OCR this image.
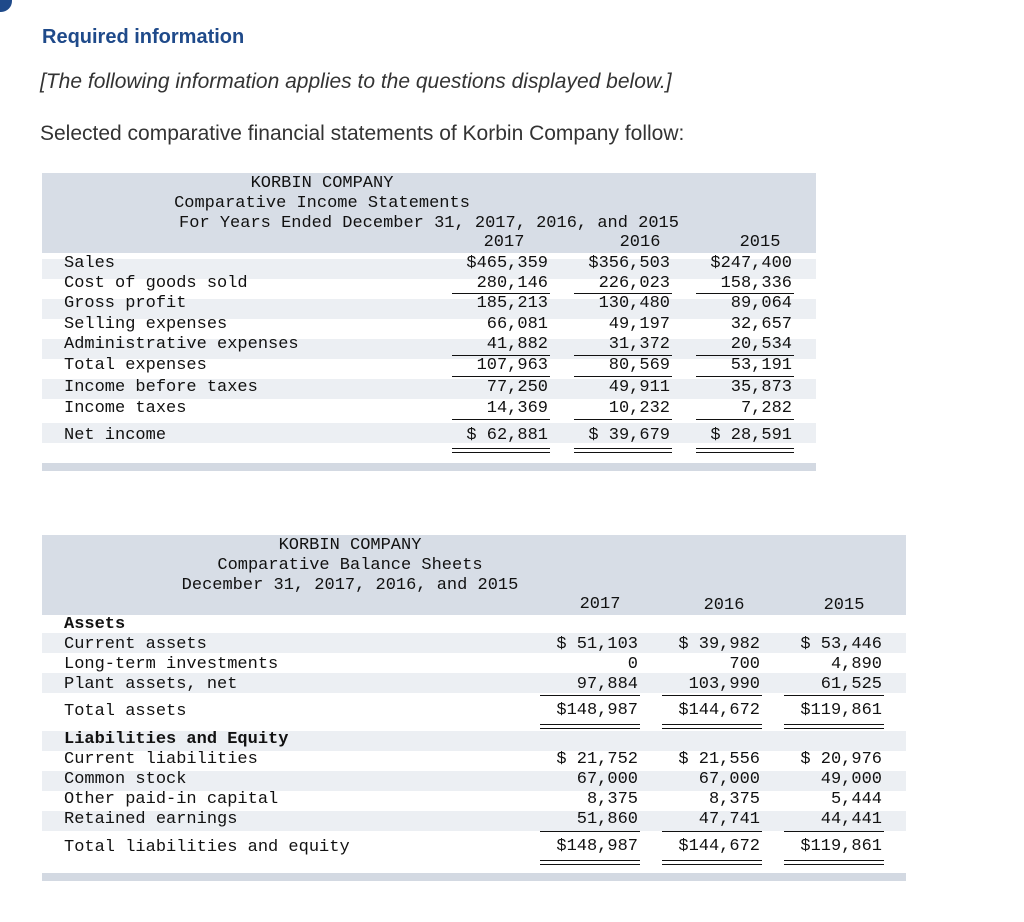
Required information
[The following information applies to the questions displayed below.]
Selected comparative financial statements of Korbin Company follow:
KORBIN COMPANY
Comparative Income Statements
For Years Ended December 31, 2017, 2016, and 2015
2017	2016	2015
Sales	$465,359	$356,503	$247,400
Cost of goods sold	280,146	226,023	158,336
Gross profit	185,213	130,480	89,064
Selling expenses	66,081	49,197	32,657
Administrative expenses	41,882	31,372	20,534
Total expenses	107,963	80,569	53,191
Income before taxes	77,250	49,911	35,873
Income taxes	14,369	10,232	7,282
Net income	$ 62,881	$ 39,679	$ 28,591
KORBIN COMPANY
Comparative Balance Sheets
December 31, 2017, 2016, and 2015
2017	2016	2015
Assets
Current assets	$ 51,103	$ 39,982	$ 53,446
Long-term investments	0	700	4,890
Plant assets, net	97,884	103,990	61,525
Total assets	$148,987	$144,672	$119,861
Liabilities and Equity
Current liabilities	$ 21,752	$ 21,556	$ 20,976
Common stock	67,000	67,000	49,000
Other paid-in capital	8,375	8,375	5,444
Retained earnings	51,860	47,741	44,441
Total liabilities and equity	$148,987	$144,672	$119,861
